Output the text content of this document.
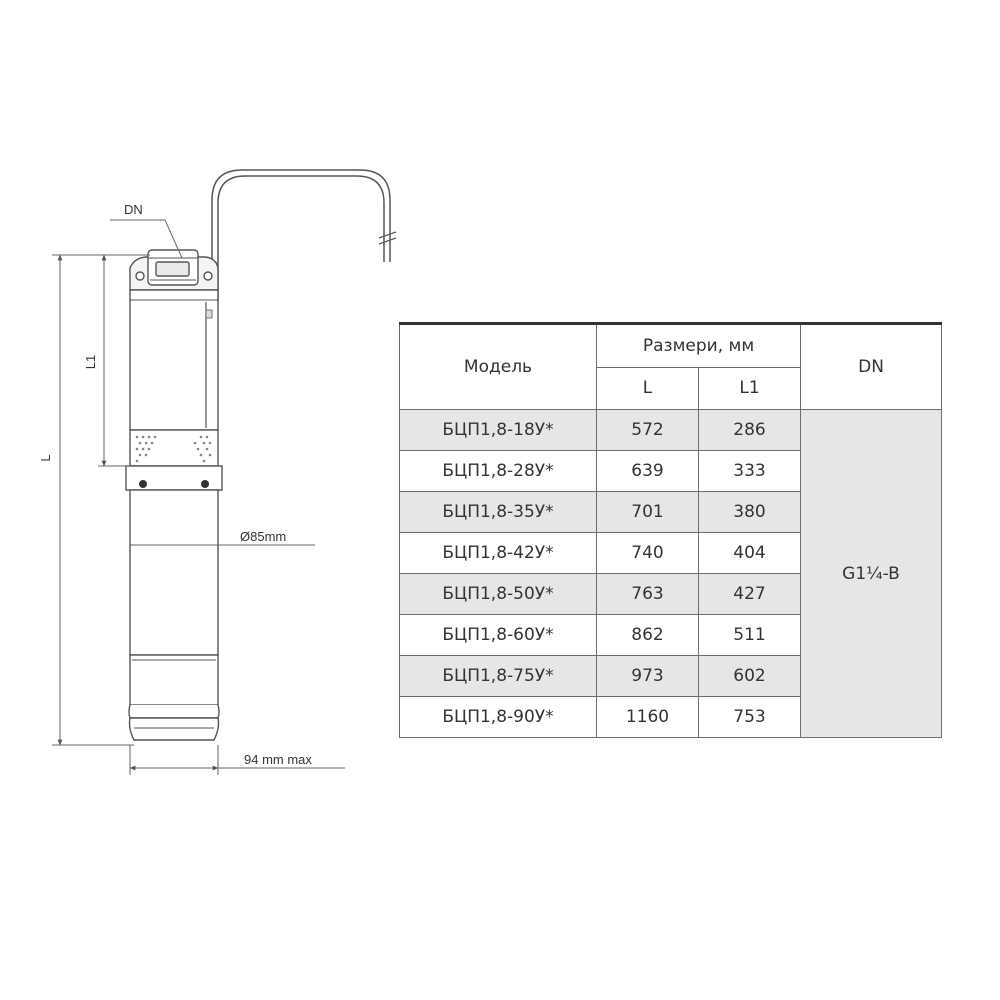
DN
L1
L
Ø85mm
94 mm max
Модель	Размери, мм		DN
	L	L1	
БЦП1,8-18У*	572	286	G1¼-B
БЦП1,8-28У*	639	333	
БЦП1,8-35У*	701	380	
БЦП1,8-42У*	740	404	
БЦП1,8-50У*	763	427	
БЦП1,8-60У*	862	511	
БЦП1,8-75У*	973	602	
БЦП1,8-90У*	1160	753	
